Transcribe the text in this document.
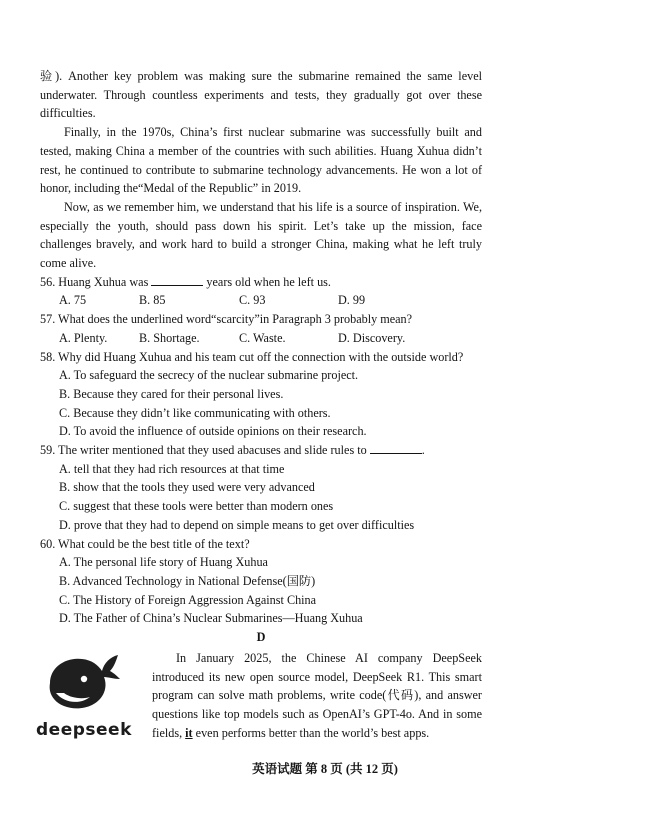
验). Another key problem was making sure the submarine remained the same level underwater. Through countless experiments and tests, they gradually got over these difficulties.

Finally, in the 1970s, China’s first nuclear submarine was successfully built and tested, making China a member of the countries with such abilities. Huang Xuhua didn’t rest, he continued to contribute to submarine technology advancements. He won a lot of honor, including the“Medal of the Republic” in 2019.

Now, as we remember him, we understand that his life is a source of inspiration. We, especially the youth, should pass down his spirit. Let’s take up the mission, face challenges bravely, and work hard to build a stronger China, making what he left truly come alive.

56. Huang Xuhua was	years old when he left us.
A. 75	B. 85	C. 93	D. 99
57. What does the underlined word“scarcity”in Paragraph 3 probably mean?
A. Plenty.	B. Shortage.	C. Waste.	D. Discovery.
58. Why did Huang Xuhua and his team cut off the connection with the outside world?
A. To safeguard the secrecy of the nuclear submarine project.
B. Because they cared for their personal lives.
C. Because they didn’t like communicating with others.
D. To avoid the influence of outside opinions on their research.
59. The writer mentioned that they used abacuses and slide rules to	.
A. tell that they had rich resources at that time
B. show that the tools they used were very advanced
C. suggest that these tools were better than modern ones
D. prove that they had to depend on simple means to get over difficulties
60. What could be the best title of the text?
A. The personal life story of Huang Xuhua
B. Advanced Technology in National Defense(国防)
C. The History of Foreign Aggression Against China
D. The Father of China’s Nuclear Submarines—Huang Xuhua
D
deepseek

In January 2025, the Chinese AI company DeepSeek introduced its new open source model, DeepSeek R1. This smart program can solve math problems, write code(代码), and answer questions like top models such as OpenAI’s GPT-4o. And in some fields, it even performs better than the world’s best apps.

英语试题 第 8 页 (共 12 页)
